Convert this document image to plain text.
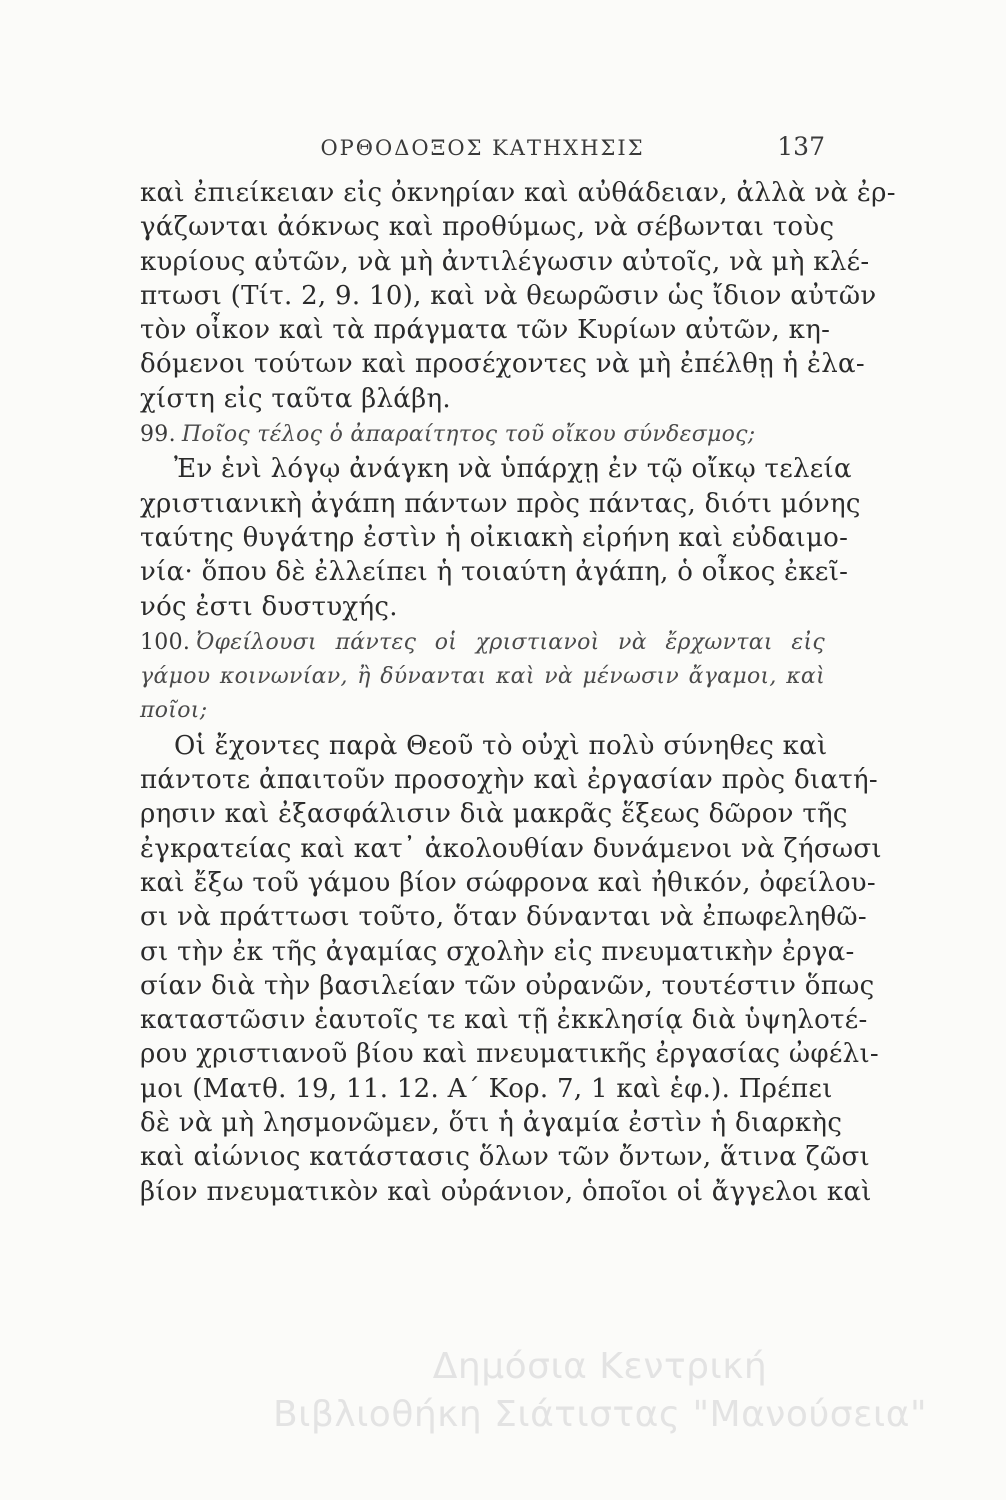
ΟΡΘΟΔΟΞΟΣ ΚΑΤΗΧΗΣΙΣ	137
καὶ ἐπιείκειαν εἰς ὀκνηρίαν καὶ αὐθάδειαν, ἀλλὰ νὰ ἐρ-
γάζωνται ἀόκνως καὶ προθύμως, νὰ σέβωνται τοὺς
κυρίους αὐτῶν, νὰ μὴ ἀντιλέγωσιν αὐτοῖς, νὰ μὴ κλέ-
πτωσι (Τίτ. 2, 9. 10), καὶ νὰ θεωρῶσιν ὡς ἴδιον αὐτῶν
τὸν οἶκον καὶ τὰ πράγματα τῶν Κυρίων αὐτῶν, κη-
δόμενοι τούτων καὶ προσέχοντες νὰ μὴ ἐπέλθῃ ἡ ἐλα-
χίστη εἰς ταῦτα βλάβη.
99. Ποῖος τέλος ὁ ἀπαραίτητος τοῦ οἴκου σύνδεσμος;
Ἐν ἑνὶ λόγῳ ἀνάγκη νὰ ὑπάρχῃ ἐν τῷ οἴκῳ τελεία
χριστιανικὴ ἀγάπη πάντων πρὸς πάντας, διότι μόνης
ταύτης θυγάτηρ ἐστὶν ἡ οἰκιακὴ εἰρήνη καὶ εὐδαιμο-
νία· ὅπου δὲ ἐλλείπει ἡ τοιαύτη ἀγάπη, ὁ οἶκος ἐκεῖ-
νός ἐστι δυστυχής.
100. Ὀφείλουσι πάντες οἱ χριστιανοὶ νὰ ἔρχωνται εἰς
γάμου κοινωνίαν, ἢ δύνανται καὶ νὰ μένωσιν ἄγαμοι, καὶ
ποῖοι;
Οἱ ἔχοντες παρὰ Θεοῦ τὸ οὐχὶ πολὺ σύνηθες καὶ
πάντοτε ἀπαιτοῦν προσοχὴν καὶ ἐργασίαν πρὸς διατή-
ρησιν καὶ ἐξασφάλισιν διὰ μακρᾶς ἕξεως δῶρον τῆς
ἐγκρατείας καὶ κατ᾽ ἀκολουθίαν δυνάμενοι νὰ ζήσωσι
καὶ ἔξω τοῦ γάμου βίον σώφρονα καὶ ἠθικόν, ὀφείλου-
σι νὰ πράττωσι τοῦτο, ὅταν δύνανται νὰ ἐπωφεληθῶ-
σι τὴν ἐκ τῆς ἀγαμίας σχολὴν εἰς πνευματικὴν ἐργα-
σίαν διὰ τὴν βασιλείαν τῶν οὐρανῶν, τουτέστιν ὅπως
καταστῶσιν ἑαυτοῖς τε καὶ τῇ ἐκκλησίᾳ διὰ ὑψηλοτέ-
ρου χριστιανοῦ βίου καὶ πνευματικῆς ἐργασίας ὠφέλι-
μοι (Ματθ. 19, 11. 12. Α΄ Κορ. 7, 1 καὶ ἑφ.). Πρέπει
δὲ νὰ μὴ λησμονῶμεν, ὅτι ἡ ἀγαμία ἐστὶν ἡ διαρκὴς
καὶ αἰώνιος κατάστασις ὅλων τῶν ὄντων, ἅτινα ζῶσι
βίον πνευματικὸν καὶ οὐράνιον, ὁποῖοι οἱ ἄγγελοι καὶ
Δημόσια Κεντρική
Βιβλιοθήκη Σιάτιστας "Μανούσεια"
